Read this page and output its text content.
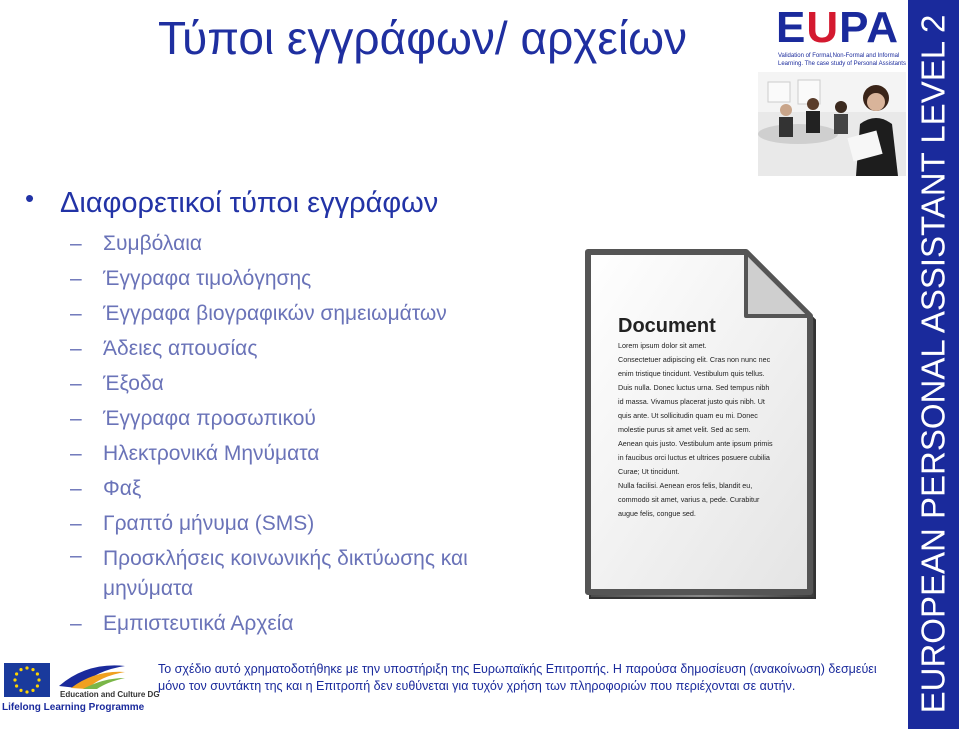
Τύποι εγγράφων/ αρχείων EUPA
Validation of Formal,Non-Formal and Informal Learning. The case study of Personal Assistants
• Διαφορετικοί τύποι εγγράφων
– Συμβόλαια
– Έγγραφα τιμολόγησης
– Έγγραφα βιογραφικών σημειωμάτων
– Άδειες απουσίας
– Έξοδα
– Έγγραφα προσωπικού
– Ηλεκτρονικά Μηνύματα
– Φαξ
– Γραπτό μήνυμα (SMS)
– Προσκλήσεις κοινωνικής δικτύωσης και μηνύματα
– Εμπιστευτικά Αρχεία
Document
Lorem ipsum dolor sit amet.
Consectetuer adipiscing elit. Cras non nunc nec
enim tristique tincidunt. Vestibulum quis tellus.
Duis nulla. Donec luctus urna. Sed tempus nibh
id massa. Vivamus placerat justo quis nibh. Ut
quis ante. Ut sollicitudin quam eu mi. Donec
molestie purus sit amet velit. Sed ac sem.
Aenean quis justo. Vestibulum ante ipsum primis
in faucibus orci luctus et ultrices posuere cubilia
Curae; Ut tincidunt.
Nulla facilisi. Aenean eros felis, blandit eu,
commodo sit amet, varius a, pede. Curabitur
augue felis, congue sed.	EUROPEAN PERSONAL ASSISTANT LEVEL 2
Education and Culture DG
Lifelong Learning Programme
Το σχέδιο αυτό χρηματοδοτήθηκε με την υποστήριξη της Ευρωπαϊκής Επιτροπής. Η παρούσα δημοσίευση (ανακοίνωση) δεσμεύει μόνο τον συντάκτη της και η Επιτροπή δεν ευθύνεται για τυχόν χρήση των πληροφοριών που περιέχονται σε αυτήν.
